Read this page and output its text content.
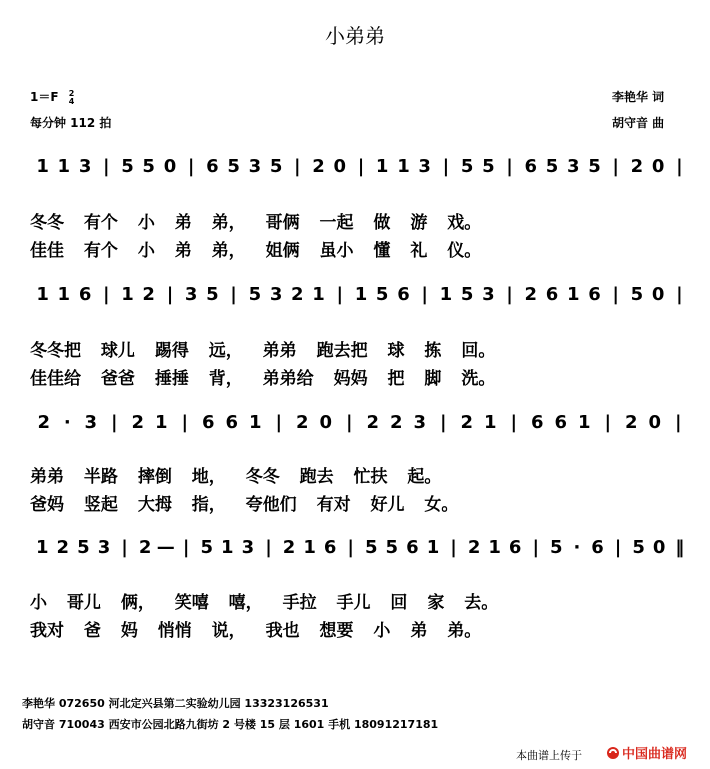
小弟弟
1＝F 2
4
每分钟 112 拍
李艳华 词
胡守音 曲
1 1 3 | 5 5 0 | 6 5 3 5 | 2 0 | 1 1 3 | 5 5 | 6 5 3 5 | 2 0 |
1 1 6 | 1 2 | 3 5 | 5 3 2 1 | 1 5 6 | 1 5 3 | 2 6 1 6 | 5 0 |
2 · 3 | 2 1 | 6 6 1 | 2 0 | 2 2 3 | 2 1 | 6 6 1 | 2 0 |
1 2 5 3 | 2 — | 5 1 3 | 2 1 6 | 5 5 6 1 | 2 1 6 | 5 · 6 | 5 0 ‖
冬冬 有个 小 弟 弟， 哥俩 一起 做 游 戏。
佳佳 有个 小 弟 弟， 姐俩 虽小 懂 礼 仪。
冬冬把 球儿 踢得 远， 弟弟 跑去把 球 拣 回。
佳佳给 爸爸 捶捶 背， 弟弟给 妈妈 把 脚 洗。
弟弟 半路 摔倒 地， 冬冬 跑去 忙扶 起。
爸妈 竖起 大拇 指， 夸他们 有对 好儿 女。
小 哥儿 俩， 笑嘻 嘻， 手拉 手儿 回 家 去。
我对 爸 妈 悄悄 说， 我也 想要 小 弟 弟。
李艳华 072650 河北定兴县第二实验幼儿园 13323126531
胡守音 710043 西安市公园北路九街坊 2 号楼 15 层 1601 手机 18091217181
本曲谱上传于	中国曲谱网
